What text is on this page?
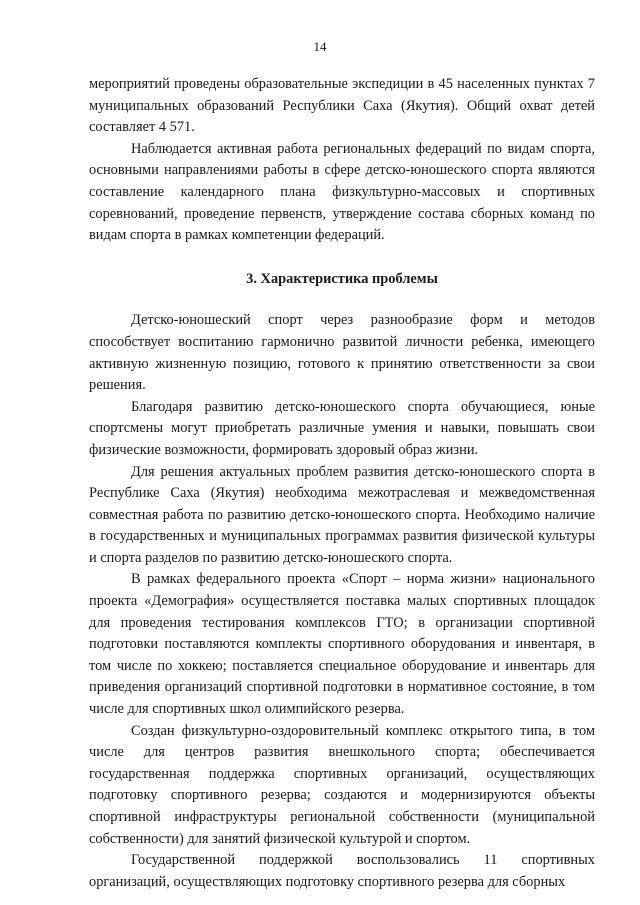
14

мероприятий проведены образовательные экспедиции в 45 населенных пунктах 7 муниципальных образований Республики Саха (Якутия). Общий охват детей составляет 4 571.

Наблюдается активная работа региональных федераций по видам спорта, основными направлениями работы в сфере детско-юношеского спорта являются составление календарного плана физкультурно-массовых и спортивных соревнований, проведение первенств, утверждение состава сборных команд по видам спорта в рамках компетенции федераций.

3. Характеристика проблемы

Детско-юношеский спорт через разнообразие форм и методов способствует воспитанию гармонично развитой личности ребенка, имеющего активную жизненную позицию, готового к принятию ответственности за свои решения.

Благодаря развитию детско-юношеского спорта обучающиеся, юные спортсмены могут приобретать различные умения и навыки, повышать свои физические возможности, формировать здоровый образ жизни.

Для решения актуальных проблем развития детско-юношеского спорта в Республике Саха (Якутия) необходима межотраслевая и межведомственная совместная работа по развитию детско-юношеского спорта. Необходимо наличие в государственных и муниципальных программах развития физической культуры и спорта разделов по развитию детско-юношеского спорта.

В рамках федерального проекта «Спорт – норма жизни» национального проекта «Демография» осуществляется поставка малых спортивных площадок для проведения тестирования комплексов ГТО; в организации спортивной подготовки поставляются комплекты спортивного оборудования и инвентаря, в том числе по хоккею; поставляется специальное оборудование и инвентарь для приведения организаций спортивной подготовки в нормативное состояние, в том числе для спортивных школ олимпийского резерва.

Создан физкультурно-оздоровительный комплекс открытого типа, в том числе для центров развития внешкольного спорта; обеспечивается государственная поддержка спортивных организаций, осуществляющих подготовку спортивного резерва; создаются и модернизируются объекты спортивной инфраструктуры региональной собственности (муниципальной собственности) для занятий физической культурой и спортом.

Государственной поддержкой воспользовались 11 спортивных организаций, осуществляющих подготовку спортивного резерва для сборных
